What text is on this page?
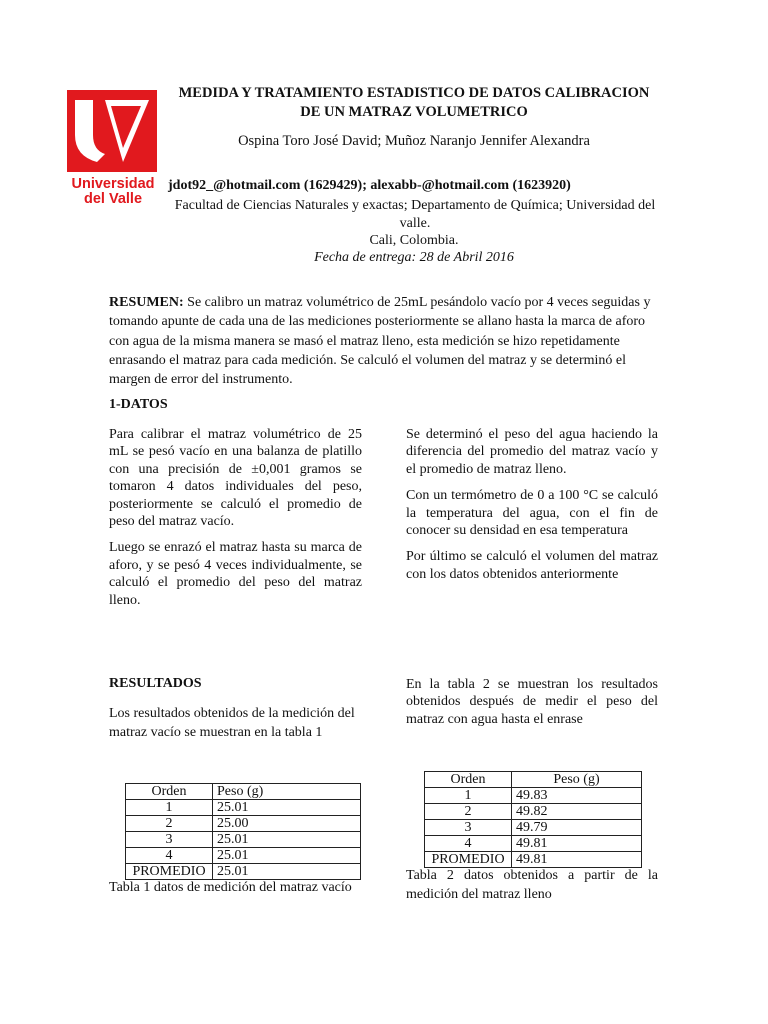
Universidad
del Valle
MEDIDA Y TRATAMIENTO ESTADISTICO DE DATOS CALIBRACION
DE UN MATRAZ VOLUMETRICO
Ospina Toro José David; Muñoz Naranjo Jennifer Alexandra
jdot92_@hotmail.com (1629429); alexabb-@hotmail.com (1623920)
Facultad de Ciencias Naturales y exactas; Departamento de Química; Universidad del valle.
Cali, Colombia.
Fecha de entrega: 28 de Abril 2016
RESUMEN: Se calibro un matraz volumétrico de 25mL pesándolo vacío por 4 veces seguidas y tomando apunte de cada una de las mediciones posteriormente se allano hasta la marca de aforo con agua de la misma manera se masó el matraz lleno, esta medición se hizo repetidamente enrasando el matraz para cada medición. Se calculó el volumen del matraz y se determinó el margen de error del instrumento.
1-DATOS

Para calibrar el matraz volumétrico de 25 mL se pesó vacío en una balanza de platillo con una precisión de ±0,001 gramos se tomaron 4 datos individuales del peso, posteriormente se calculó el promedio de peso del matraz vacío.

Luego se enrazó el matraz hasta su marca de aforo, y se pesó 4 veces individualmente, se calculó el promedio del peso del matraz lleno.

Se determinó el peso del agua haciendo la diferencia del promedio del matraz vacío y el promedio de matraz lleno.

Con un termómetro de 0 a 100 °C se calculó la temperatura del agua, con el fin de conocer su densidad en esa temperatura

Por último se calculó el volumen del matraz con los datos obtenidos anteriormente

RESULTADOS
Los resultados obtenidos de la medición del matraz vacío se muestran en la tabla 1
En la tabla 2 se muestran los resultados obtenidos después de medir el peso del matraz con agua hasta el enrase
Orden	Peso (g)
1	25.01
2	25.00
3	25.01
4	25.01
PROMEDIO	25.01
Tabla 1 datos de medición del matraz vacío
Orden	Peso (g)
1	49.83
2	49.82
3	49.79
4	49.81
PROMEDIO	49.81
Tabla 2 datos obtenidos a partir de la medición del matraz lleno
